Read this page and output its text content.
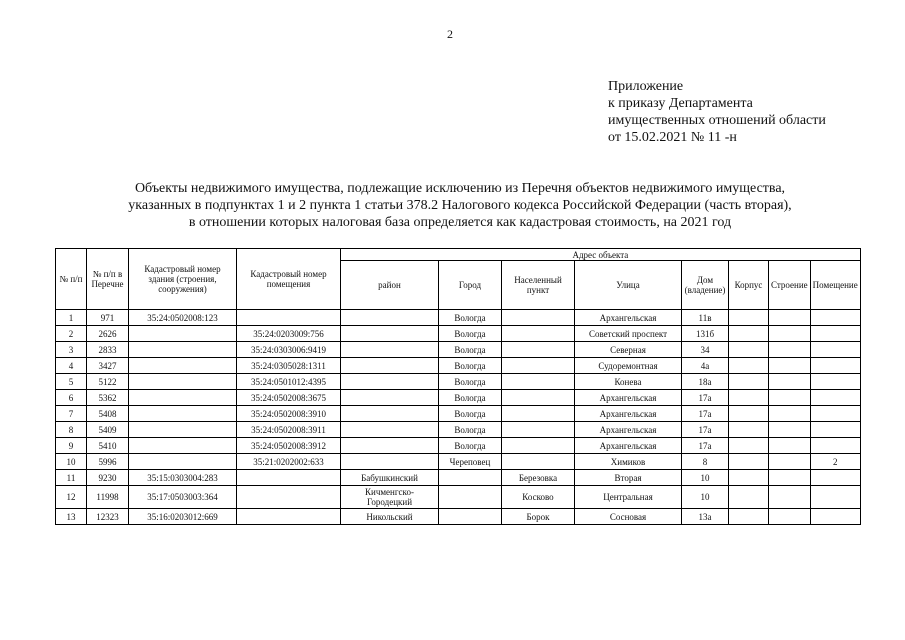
2
Приложение
к приказу Департамента
имущественных отношений области
от 15.02.2021 № 11 -н
Объекты недвижимого имущества, подлежащие исключению из Перечня объектов недвижимого имущества,
указанных в подпунктах 1 и 2 пункта 1 статьи 378.2 Налогового кодекса Российской Федерации (часть вторая),
в отношении которых налоговая база определяется как кадастровая стоимость, на 2021 год
№ п/п	№ п/п в Перечне	Кадастровый номер здания (строения, сооружения)	Кадастровый номер помещения	Адрес объекта							
				район	Город	Населенный пункт	Улица	Дом (владение)	Корпус	Строение	Помещение
1	971	35:24:0502008:123			Вологда		Архангельская	11в			
2	2626		35:24:0203009:756		Вологда		Советский проспект	131б			
3	2833		35:24:0303006:9419		Вологда		Северная	34			
4	3427		35:24:0305028:1311		Вологда		Судоремонтная	4а			
5	5122		35:24:0501012:4395		Вологда		Конева	18а			
6	5362		35:24:0502008:3675		Вологда		Архангельская	17а			
7	5408		35:24:0502008:3910		Вологда		Архангельская	17а			
8	5409		35:24:0502008:3911		Вологда		Архангельская	17а			
9	5410		35:24:0502008:3912		Вологда		Архангельская	17а			
10	5996		35:21:0202002:633		Череповец		Химиков	8			2
11	9230	35:15:0303004:283		Бабушкинский		Березовка	Вторая	10			
12	11998	35:17:0503003:364		Кичменгско-Городецкий		Косково	Центральная	10			
13	12323	35:16:0203012:669		Никольский		Борок	Сосновая	13а			
